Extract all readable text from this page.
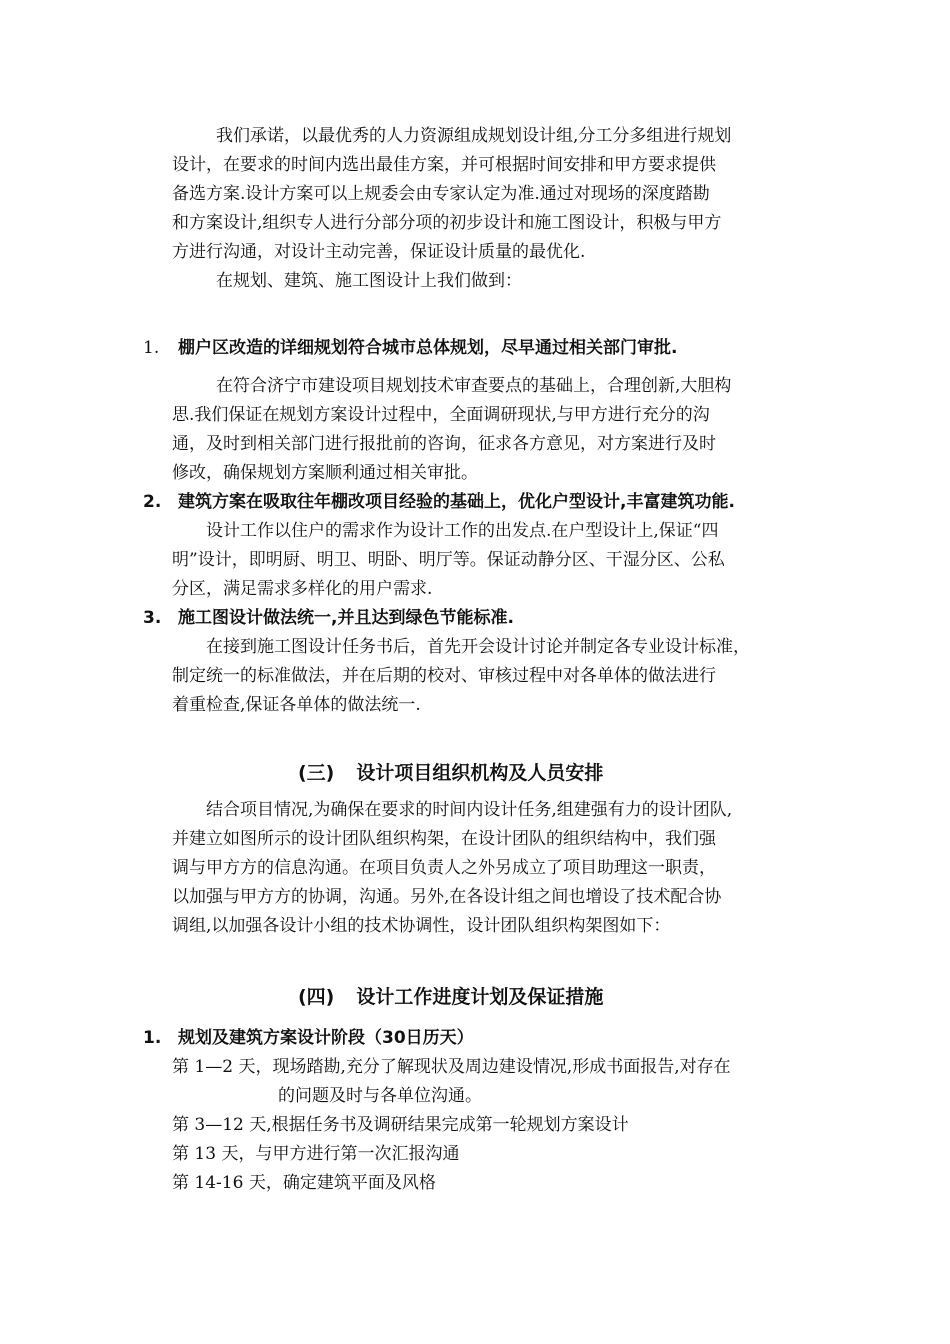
我们承诺，以最优秀的人力资源组成规划设计组,分工分多组进行规划
设计，在要求的时间内选出最佳方案，并可根据时间安排和甲方要求提供
备选方案.设计方案可以上规委会由专家认定为准.通过对现场的深度踏勘
和方案设计,组织专人进行分部分项的初步设计和施工图设计，积极与甲方
方进行沟通，对设计主动完善，保证设计质量的最优化.
在规划、建筑、施工图设计上我们做到：
1. 棚户区改造的详细规划符合城市总体规划，尽早通过相关部门审批.
在符合济宁市建设项目规划技术审查要点的基础上，合理创新,大胆构
思.我们保证在规划方案设计过程中，全面调研现状,与甲方进行充分的沟
通，及时到相关部门进行报批前的咨询，征求各方意见，对方案进行及时
修改，确保规划方案顺利通过相关审批。
2. 建筑方案在吸取往年棚改项目经验的基础上，优化户型设计,丰富建筑功能.
设计工作以住户的需求作为设计工作的出发点.在户型设计上,保证“四
明”设计，即明厨、明卫、明卧、明厅等。保证动静分区、干湿分区、公私
分区，满足需求多样化的用户需求.
3. 施工图设计做法统一,并且达到绿色节能标准.
在接到施工图设计任务书后，首先开会设计讨论并制定各专业设计标准，
制定统一的标准做法，并在后期的校对、审核过程中对各单体的做法进行
着重检查,保证各单体的做法统一.
(三) 设计项目组织机构及人员安排
结合项目情况,为确保在要求的时间内设计任务,组建强有力的设计团队,
并建立如图所示的设计团队组织构架，在设计团队的组织结构中，我们强
调与甲方方的信息沟通。在项目负责人之外另成立了项目助理这一职责，
以加强与甲方方的协调，沟通。另外,在各设计组之间也增设了技术配合协
调组,以加强各设计小组的技术协调性，设计团队组织构架图如下：
(四) 设计工作进度计划及保证措施
1. 规划及建筑方案设计阶段（30日历天）
第 1—2 天，现场踏勘,充分了解现状及周边建设情况,形成书面报告,对存在
的问题及时与各单位沟通。
第 3—12 天,根据任务书及调研结果完成第一轮规划方案设计
第 13 天，与甲方进行第一次汇报沟通
第 14-16 天，确定建筑平面及风格
